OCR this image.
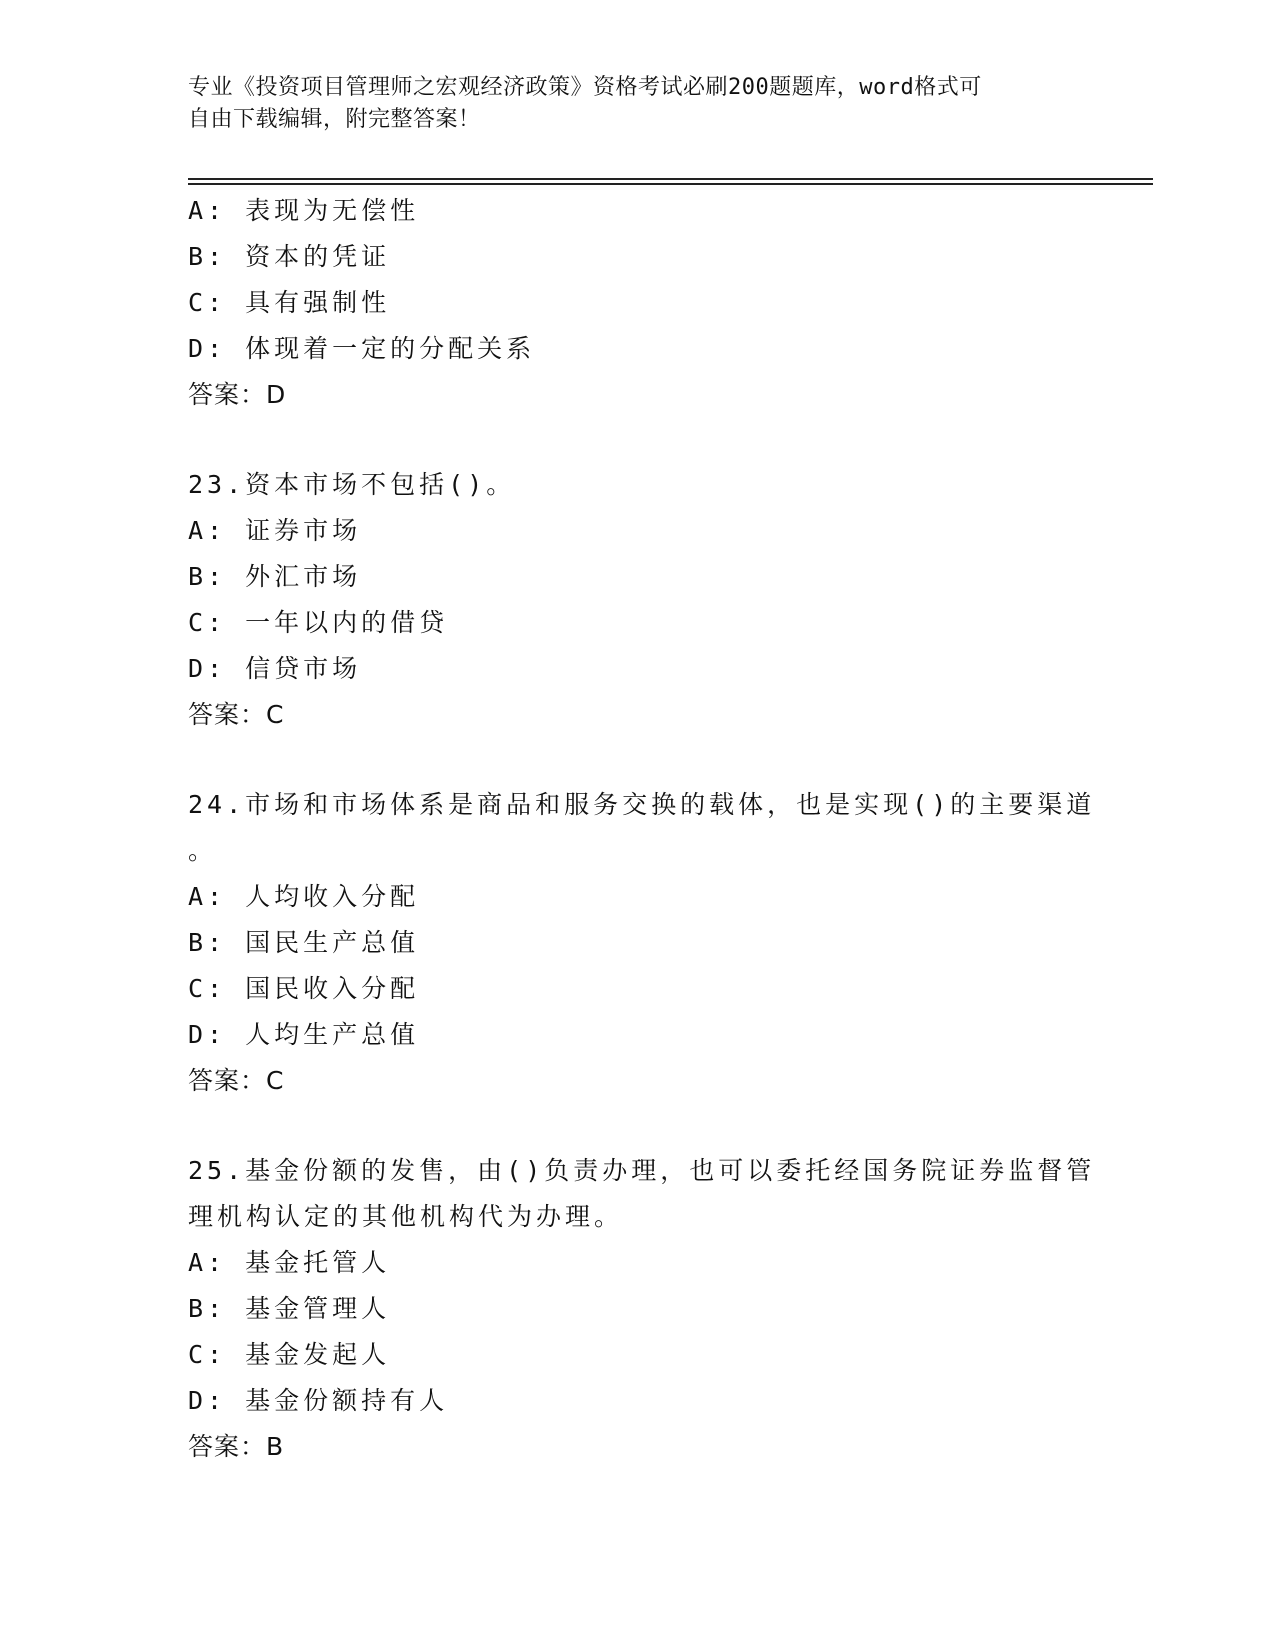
专业《投资项目管理师之宏观经济政策》资格考试必刷200题题库，word格式可
自由下载编辑，附完整答案！
A: 表现为无偿性
B: 资本的凭证
C: 具有强制性
D: 体现着一定的分配关系
答案：D
23.资本市场不包括()。
A: 证券市场
B: 外汇市场
C: 一年以内的借贷
D: 信贷市场
答案：C
24.市场和市场体系是商品和服务交换的载体，也是实现()的主要渠道
。
A: 人均收入分配
B: 国民生产总值
C: 国民收入分配
D: 人均生产总值
答案：C
25.基金份额的发售，由()负责办理，也可以委托经国务院证券监督管
理机构认定的其他机构代为办理。
A: 基金托管人
B: 基金管理人
C: 基金发起人
D: 基金份额持有人
答案：B
